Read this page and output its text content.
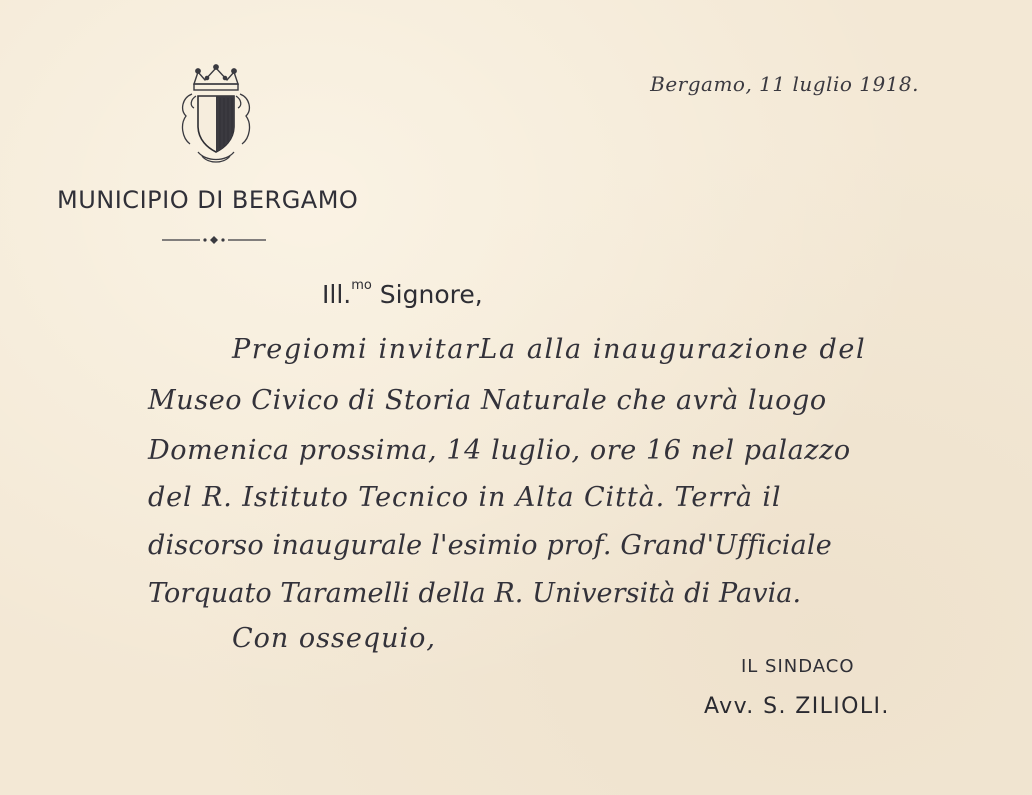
Bergamo, 11 luglio 1918.
MUNICIPIO DI BERGAMO
Ill.$^{mo}$ Signore,
Pregiomi invitarLa alla inaugurazione del
Museo Civico di Storia Naturale che avrà luogo
Domenica prossima, 14 luglio, ore 16 nel palazzo
del R. Istituto Tecnico in Alta Città. Terrà il
discorso inaugurale l'esimio prof. Grand'Ufficiale
Torquato Taramelli della R. Università di Pavia.
Con ossequio,
IL SINDACO
Avv. S. ZILIOLI.
